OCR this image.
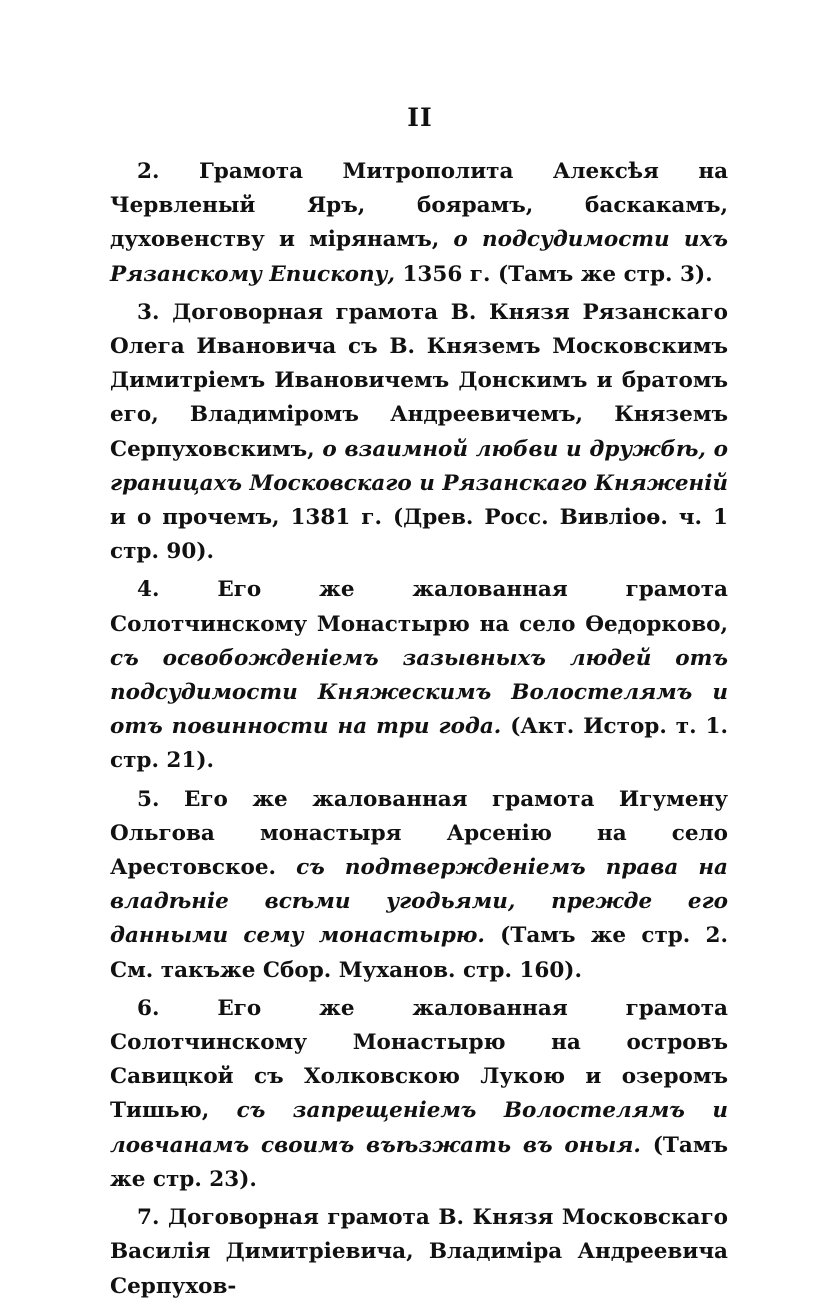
II

2. Грамота Митрополита Алексѣя на Червленый Яръ, боярамъ, баскакамъ, духовенству и мірянамъ, о подсудимости ихъ Рязанскому Епископу, 1356 г. (Тамъ же стр. 3).

3. Договорная грамота В. Князя Рязанскаго Олега Ивановича съ В. Княземъ Московскимъ Димитріемъ Ивановичемъ Донскимъ и братомъ его, Владиміромъ Андреевичемъ, Княземъ Серпуховскимъ, о взаимной любви и дружбѣ, о границахъ Московскаго и Рязанскаго Княженій и о прочемъ, 1381 г. (Древ. Росс. Вивліоѳ. ч. 1 стр. 90).

4.	Его же жалованная грамота Солотчинскому Монастырю на село Ѳедорково, съ освобожденіемъ зазывныхъ людей отъ подсудимости Княжескимъ Волостелямъ и отъ повинности на три года. (Акт. Истор. т. 1. стр. 21).

5. Его же жалованная грамота Игумену Ольгова монастыря Арсенію на село Арестовское. съ подтвержденіемъ права на владѣніе всѣми угодьями, прежде его данными сему монастырю. (Тамъ же стр. 2. См. такъже Сбор. Муханов. стр. 160).

6.	Его же жалованная грамота Солотчинскому Монастырю на островъ Савицкой съ Холковскою Лукою и озеромъ Тишью, съ запрещеніемъ Волостелямъ и ловчанамъ своимъ въѣзжать въ оныя. (Тамъ же стр. 23).

7. Договорная грамота В. Князя Московскаго Василія Димитріевича, Владиміра Андреевича Серпухов-
